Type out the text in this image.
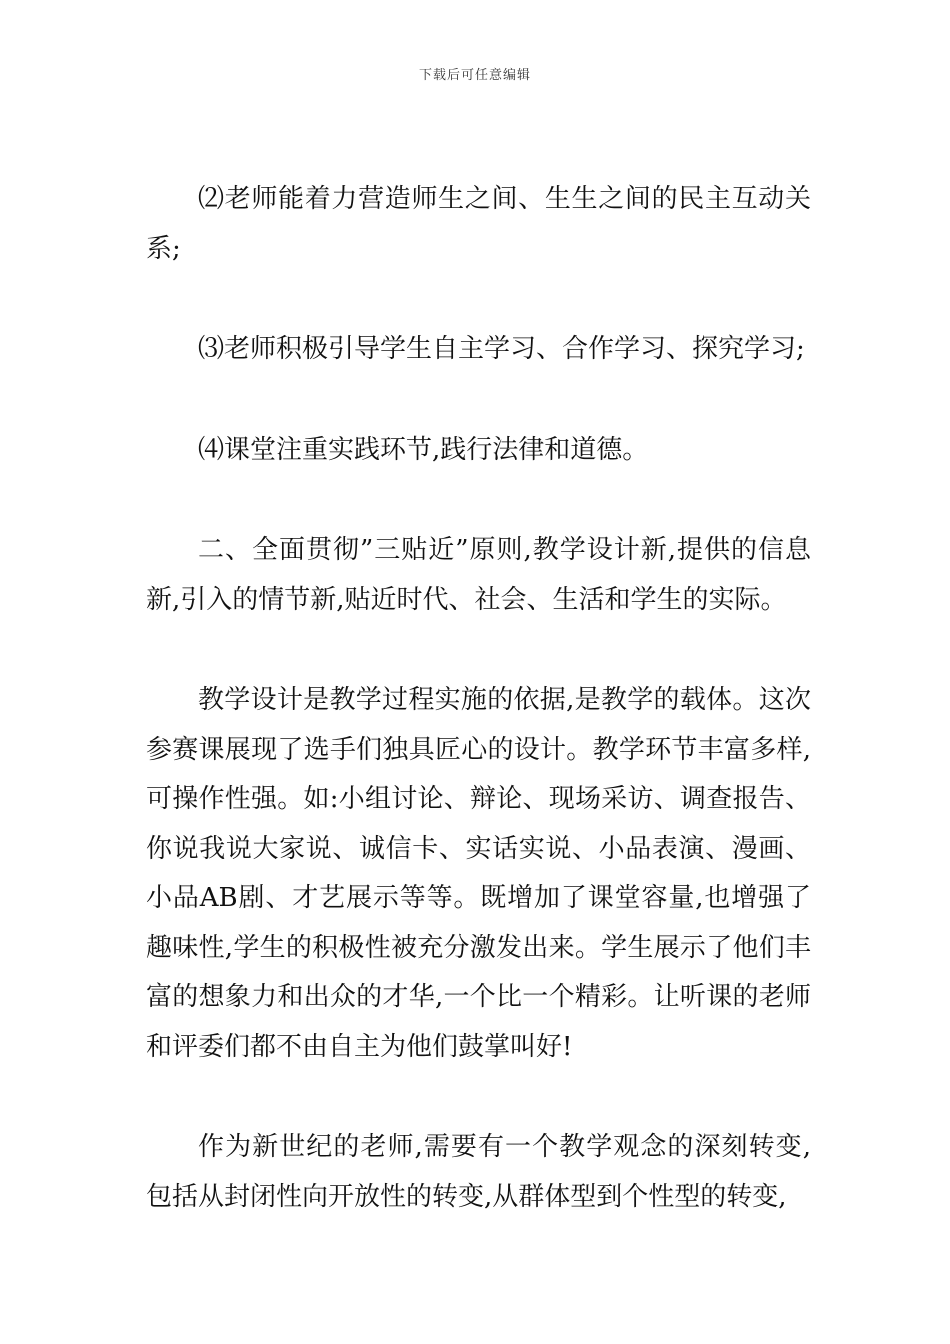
下载后可任意编辑

⑵老师能着力营造师生之间、生生之间的民主互动关系;

⑶老师积极引导学生自主学习、合作学习、探究学习;

⑷课堂注重实践环节,践行法律和道德。

二、全面贯彻”三贴近”原则,教学设计新,提供的信息新,引入的情节新,贴近时代、社会、生活和学生的实际。

教学设计是教学过程实施的依据,是教学的载体。这次参赛课展现了选手们独具匠心的设计。教学环节丰富多样,可操作性强。如:小组讨论、辩论、现场采访、调查报告、你说我说大家说、诚信卡、实话实说、小品表演、漫画、小品AB剧、才艺展示等等。既增加了课堂容量,也增强了趣味性,学生的积极性被充分激发出来。学生展示了他们丰富的想象力和出众的才华,一个比一个精彩。让听课的老师和评委们都不由自主为他们鼓掌叫好!

作为新世纪的老师,需要有一个教学观念的深刻转变,包括从封闭性向开放性的转变,从群体型到个性型的转变,
